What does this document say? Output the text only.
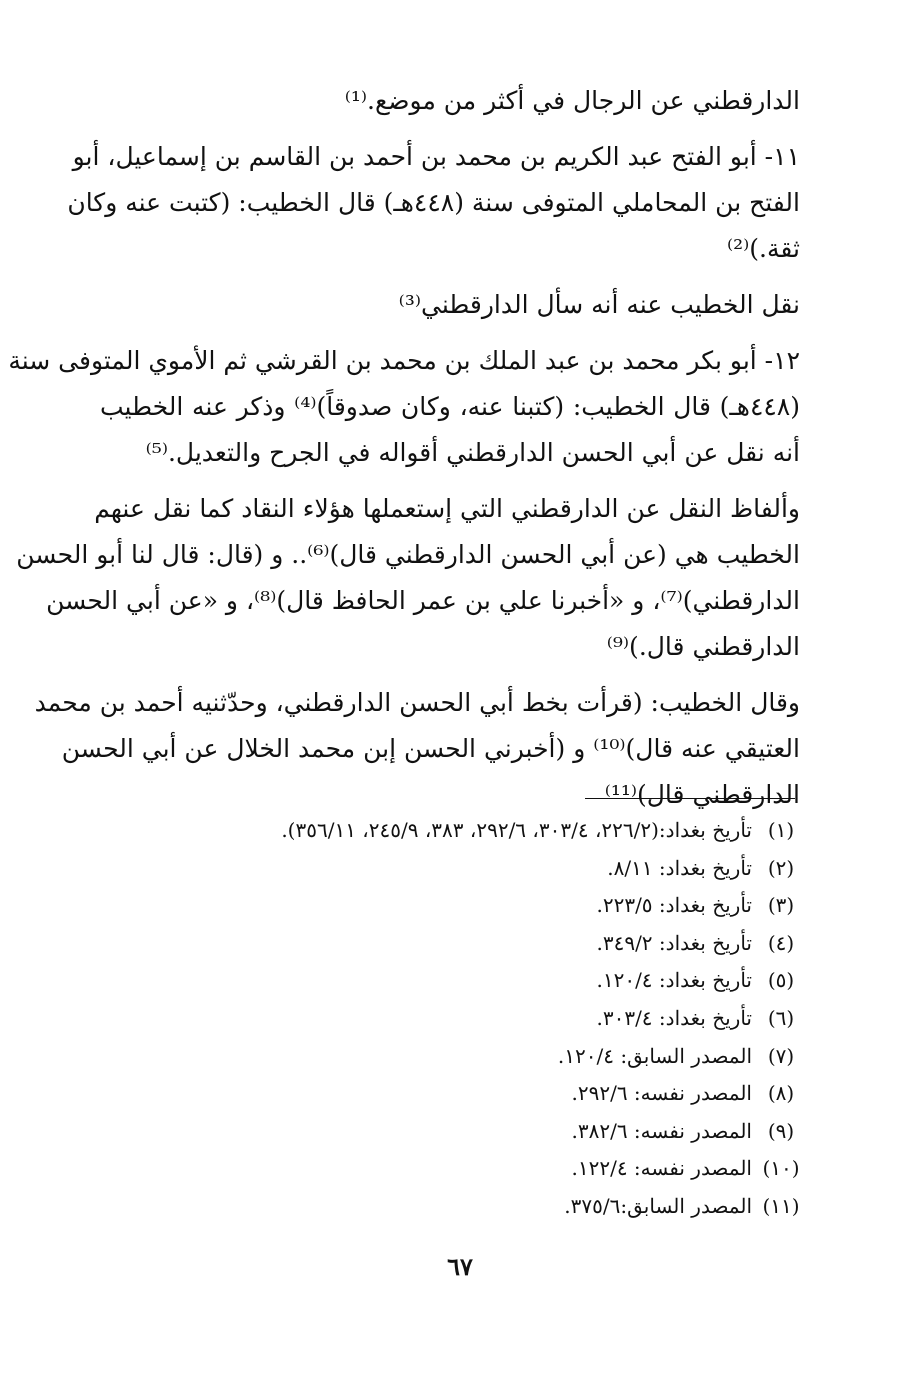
الدارقطني عن الرجال في أكثر من موضع.⁽¹⁾

١١- أبو الفتح عبد الكريم بن محمد بن أحمد بن القاسم بن إسماعيل، أبو
الفتح بن المحاملي المتوفى سنة (٤٤٨هـ) قال الخطيب: (كتبت عنه وكان
ثقة.)⁽²⁾

نقل الخطيب عنه أنه سأل الدارقطني⁽³⁾

١٢- أبو بكر محمد بن عبد الملك بن محمد بن القرشي ثم الأموي المتوفى سنة
(٤٤٨هـ) قال الخطيب: (كتبنا عنه، وكان صدوقاً)⁽⁴⁾ وذكر عنه الخطيب
أنه نقل عن أبي الحسن الدارقطني أقواله في الجرح والتعديل.⁽⁵⁾

وألفاظ النقل عن الدارقطني التي إستعملها هؤلاء النقاد كما نقل عنهم
الخطيب هي (عن أبي الحسن الدارقطني قال)⁽⁶⁾.. و (قال: قال لنا أبو الحسن
الدارقطني)⁽⁷⁾، و «أخبرنا علي بن عمر الحافظ قال)⁽⁸⁾، و «عن أبي الحسن
الدارقطني قال.)⁽⁹⁾

وقال الخطيب: (قرأت بخط أبي الحسن الدارقطني، وحدّثنيه أحمد بن محمد
العتيقي عنه قال)⁽¹⁰⁾ و (أخبرني الحسن إبن محمد الخلال عن أبي الحسن
الدارقطني قال)⁽¹¹⁾

(١)
تأريخ بغداد:(٢٢٦/٢، ٣٠٣/٤، ٢٩٢/٦، ٣٨٣، ٢٤٥/٩، ٣٥٦/١١).
(٢)
تأريخ بغداد: ٨/١١.
(٣)
تأريخ بغداد: ٢٢٣/٥.
(٤)
تأريخ بغداد: ٣٤٩/٢.
(٥)
تأريخ بغداد: ١٢٠/٤.
(٦)
تأريخ بغداد: ٣٠٣/٤.
(٧)
المصدر السابق: ١٢٠/٤.
(٨)
المصدر نفسه: ٢٩٢/٦.
(٩)
المصدر نفسه: ٣٨٢/٦.
(١٠)
المصدر نفسه: ١٢٢/٤.
(١١)
المصدر السابق:٣٧٥/٦.
٦٧
